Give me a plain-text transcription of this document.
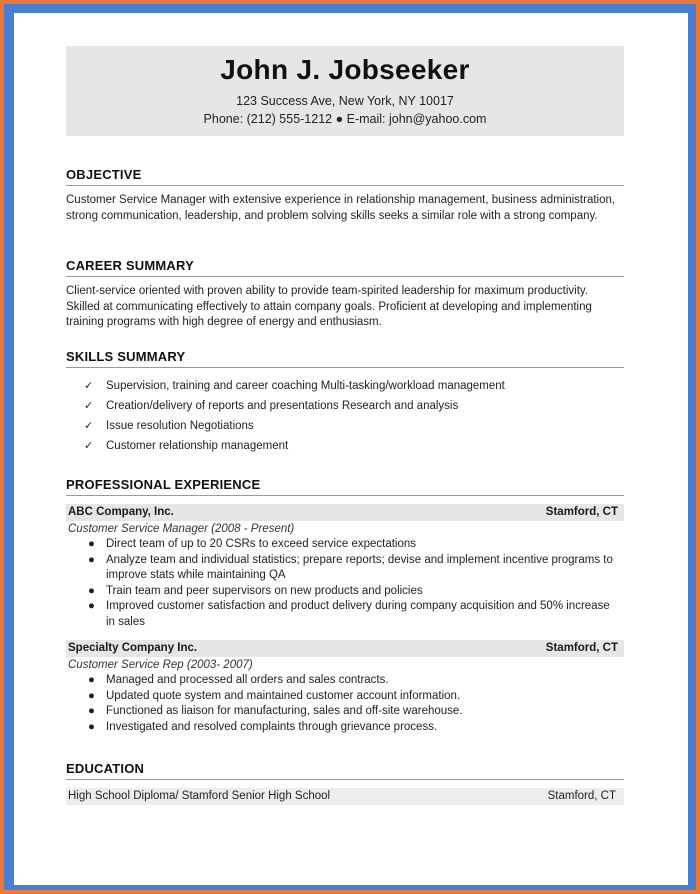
John J. Jobseeker
123 Success Ave, New York, NY 10017
Phone: (212) 555-1212 ● E-mail: john@yahoo.com
OBJECTIVE
Customer Service Manager with extensive experience in relationship management, business administration, strong communication, leadership, and problem solving skills seeks a similar role with a strong company.
CAREER SUMMARY
Client-service oriented with proven ability to provide team-spirited leadership for maximum productivity. Skilled at communicating effectively to attain company goals. Proficient at developing and implementing training programs with high degree of energy and enthusiasm.
SKILLS SUMMARY
✓ Supervision, training and career coaching Multi-tasking/workload management
✓ Creation/delivery of reports and presentations Research and analysis
✓ Issue resolution Negotiations
✓ Customer relationship management
PROFESSIONAL EXPERIENCE
ABC Company, Inc.	Stamford, CT
Customer Service Manager (2008 - Present)
● Direct team of up to 20 CSRs to exceed service expectations
● Analyze team and individual statistics; prepare reports; devise and implement incentive programs to improve stats while maintaining QA
● Train team and peer supervisors on new products and policies
● Improved customer satisfaction and product delivery during company acquisition and 50% increase in sales
Specialty Company Inc.	Stamford, CT
Customer Service Rep (2003- 2007)
● Managed and processed all orders and sales contracts.
● Updated quote system and maintained customer account information.
● Functioned as liaison for manufacturing, sales and off-site warehouse.
● Investigated and resolved complaints through grievance process.
EDUCATION
High School Diploma/ Stamford Senior High School	Stamford, CT
